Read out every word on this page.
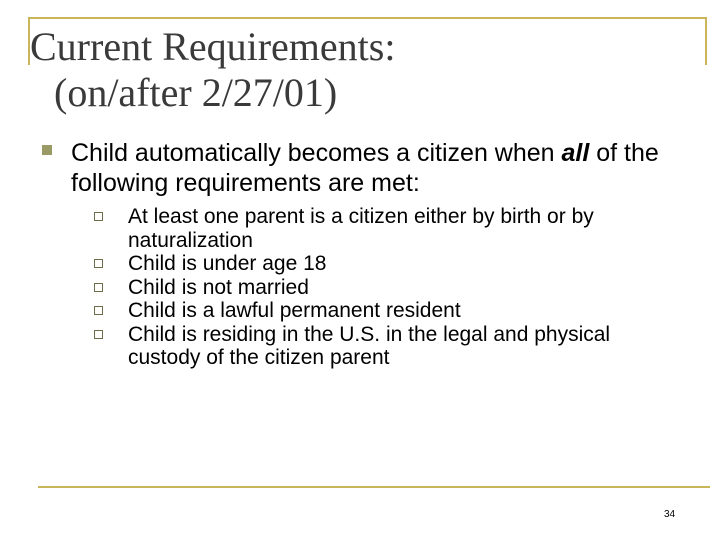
Current Requirements:
(on/after 2/27/01)
Child automatically becomes a citizen when all of the following requirements are met:
At least one parent is a citizen either by birth or by naturalization
Child is under age 18
Child is not married
Child is a lawful permanent resident
Child is residing in the U.S. in the legal and physical custody of the citizen parent
34
